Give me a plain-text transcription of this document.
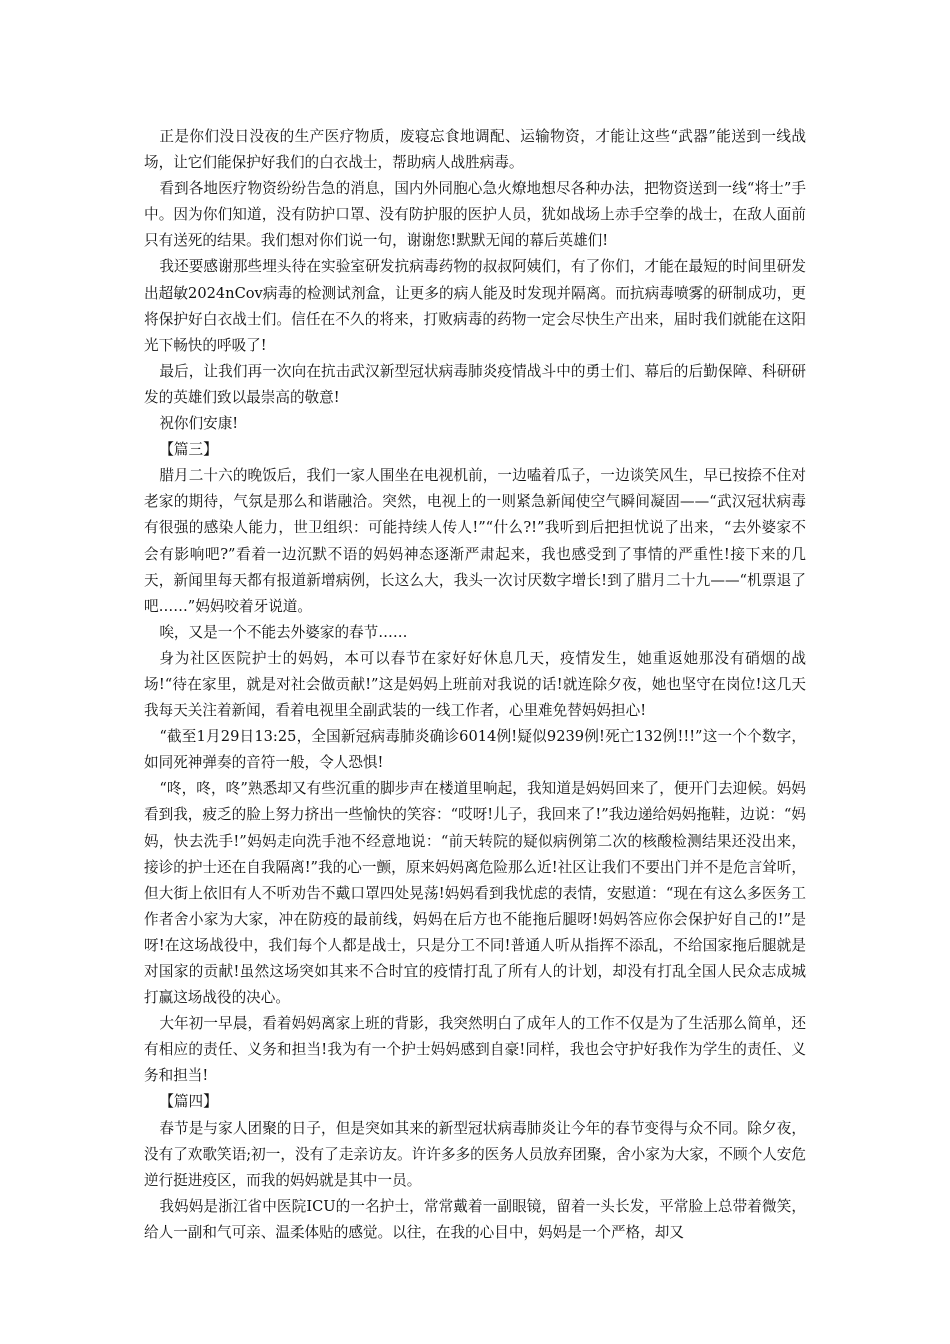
正是你们没日没夜的生产医疗物质，废寝忘食地调配、运输物资，才能让这些“武器”能送到一线战场，让它们能保护好我们的白衣战士，帮助病人战胜病毒。

看到各地医疗物资纷纷告急的消息，国内外同胞心急火燎地想尽各种办法，把物资送到一线“将士”手中。因为你们知道，没有防护口罩、没有防护服的医护人员，犹如战场上赤手空拳的战士，在敌人面前只有送死的结果。我们想对你们说一句，谢谢您!默默无闻的幕后英雄们!

我还要感谢那些埋头待在实验室研发抗病毒药物的叔叔阿姨们，有了你们，才能在最短的时间里研发出超敏2024nCov病毒的检测试剂盒，让更多的病人能及时发现并隔离。而抗病毒喷雾的研制成功，更将保护好白衣战士们。信任在不久的将来，打败病毒的药物一定会尽快生产出来，届时我们就能在这阳光下畅快的呼吸了!

最后，让我们再一次向在抗击武汉新型冠状病毒肺炎疫情战斗中的勇士们、幕后的后勤保障、科研研发的英雄们致以最崇高的敬意!

祝你们安康!

【篇三】

腊月二十六的晚饭后，我们一家人围坐在电视机前，一边嗑着瓜子，一边谈笑风生，早已按捺不住对老家的期待，气氛是那么和谐融洽。突然，电视上的一则紧急新闻使空气瞬间凝固——“武汉冠状病毒有很强的感染人能力，世卫组织：可能持续人传人!”“什么?!”我听到后把担忧说了出来，“去外婆家不会有影响吧?”看着一边沉默不语的妈妈神态逐渐严肃起来，我也感受到了事情的严重性!接下来的几天，新闻里每天都有报道新增病例，长这么大，我头一次讨厌数字增长!到了腊月二十九——“机票退了吧……”妈妈咬着牙说道。

唉，又是一个不能去外婆家的春节……

身为社区医院护士的妈妈，本可以春节在家好好休息几天，疫情发生，她重返她那没有硝烟的战场!“待在家里，就是对社会做贡献!”这是妈妈上班前对我说的话!就连除夕夜，她也坚守在岗位!这几天我每天关注着新闻，看着电视里全副武装的一线工作者，心里难免替妈妈担心!

“截至1月29日13:25，全国新冠病毒肺炎确诊6014例!疑似9239例!死亡132例!!!”这一个个数字，如同死神弹奏的音符一般，令人恐惧!

“咚，咚，咚”熟悉却又有些沉重的脚步声在楼道里响起，我知道是妈妈回来了，便开门去迎候。妈妈看到我，疲乏的脸上努力挤出一些愉快的笑容：“哎呀!儿子，我回来了!”我边递给妈妈拖鞋，边说：“妈妈，快去洗手!”妈妈走向洗手池不经意地说：“前天转院的疑似病例第二次的核酸检测结果还没出来，接诊的护士还在自我隔离!”我的心一颤，原来妈妈离危险那么近!社区让我们不要出门并不是危言耸听，但大街上依旧有人不听劝告不戴口罩四处晃荡!妈妈看到我忧虑的表情，安慰道：“现在有这么多医务工作者舍小家为大家，冲在防疫的最前线，妈妈在后方也不能拖后腿呀!妈妈答应你会保护好自己的!”是呀!在这场战役中，我们每个人都是战士，只是分工不同!普通人听从指挥不添乱，不给国家拖后腿就是对国家的贡献!虽然这场突如其来不合时宜的疫情打乱了所有人的计划，却没有打乱全国人民众志成城打赢这场战役的决心。

大年初一早晨，看着妈妈离家上班的背影，我突然明白了成年人的工作不仅是为了生活那么简单，还有相应的责任、义务和担当!我为有一个护士妈妈感到自豪!同样，我也会守护好我作为学生的责任、义务和担当!

【篇四】

春节是与家人团聚的日子，但是突如其来的新型冠状病毒肺炎让今年的春节变得与众不同。除夕夜，没有了欢歌笑语;初一，没有了走亲访友。许许多多的医务人员放弃团聚，舍小家为大家，不顾个人安危逆行挺进疫区，而我的妈妈就是其中一员。

我妈妈是浙江省中医院ICU的一名护士，常常戴着一副眼镜，留着一头长发，平常脸上总带着微笑，给人一副和气可亲、温柔体贴的感觉。以往，在我的心目中，妈妈是一个严格，却又
